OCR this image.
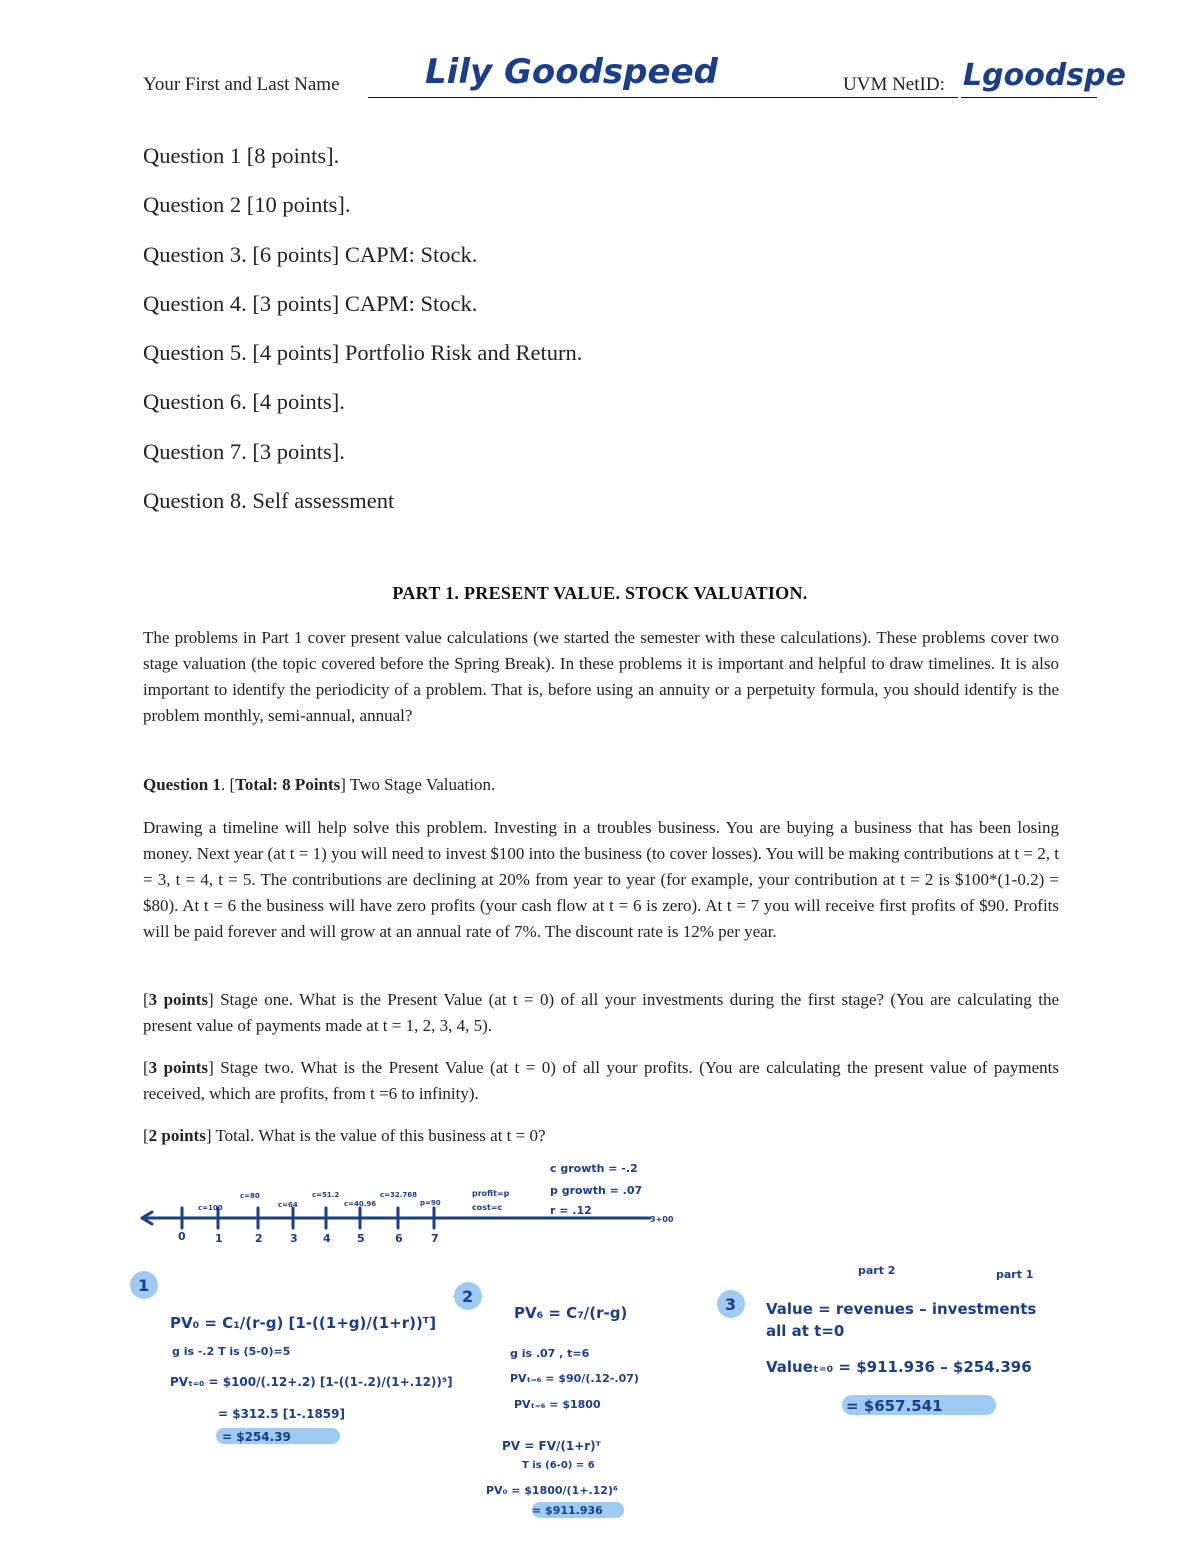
Your First and Last Name	Lily Goodspeed	UVM NetID: Lgoodspe
Question 1 [8 points].
Question 2 [10 points].
Question 3. [6 points] CAPM: Stock.
Question 4. [3 points] CAPM: Stock.
Question 5. [4 points] Portfolio Risk and Return.
Question 6. [4 points].
Question 7. [3 points].
Question 8. Self assessment
PART 1. PRESENT VALUE. STOCK VALUATION.

The problems in Part 1 cover present value calculations (we started the semester with these calculations). These problems cover two stage valuation (the topic covered before the Spring Break). In these problems it is important and helpful to draw timelines. It is also important to identify the periodicity of a problem. That is, before using an annuity or a perpetuity formula, you should identify is the problem monthly, semi-annual, annual?

Question 1. [Total: 8 Points] Two Stage Valuation.

Drawing a timeline will help solve this problem. Investing in a troubles business. You are buying a business that has been losing money. Next year (at t = 1) you will need to invest $100 into the business (to cover losses). You will be making contributions at t = 2, t = 3, t = 4, t = 5. The contributions are declining at 20% from year to year (for example, your contribution at t = 2 is $100*(1-0.2) = $80). At t = 6 the business will have zero profits (your cash flow at t = 6 is zero). At t = 7 you will receive first profits of $90. Profits will be paid forever and will grow at an annual rate of 7%. The discount rate is 12% per year.

[3 points] Stage one. What is the Present Value (at t = 0) of all your investments during the first stage? (You are calculating the present value of payments made at t = 1, 2, 3, 4, 5).

[3 points] Stage two. What is the Present Value (at t = 0) of all your profits. (You are calculating the present value of payments received, which are profits, from t =6 to infinity).

[2 points] Total. What is the value of this business at t = 0?

0	1	2 3 4 5	6	7
c=100
c=80
c=64
c=51.2
c=40.96
c=32.768
p=90
profit=p
cost=c
c growth = -.2
p growth = .07
r = .12
3+00
1
PV₀ = C₁/(r-g) [1-((1+g)/(1+r))ᵀ]
g is -.2 T is (5-0)=5
PVₜ₌₀ = $100/(.12+.2) [1-((1-.2)/(1+.12))⁵]
= $312.5 [1-.1859]
= $254.39
2
PV₆ = C₇/(r-g)
g is .07 , t=6
PVₜ₌₆ = $90/(.12-.07)
PVₜ₌₆ = $1800
PV = FV/(1+r)ᵀ
T is (6-0) = 6
PV₀ = $1800/(1+.12)⁶
= $911.936
3
part 2	part 1
Value = revenues – investments
all at t=0
Valueₜ₌₀ = $911.936 – $254.396
= $657.541
